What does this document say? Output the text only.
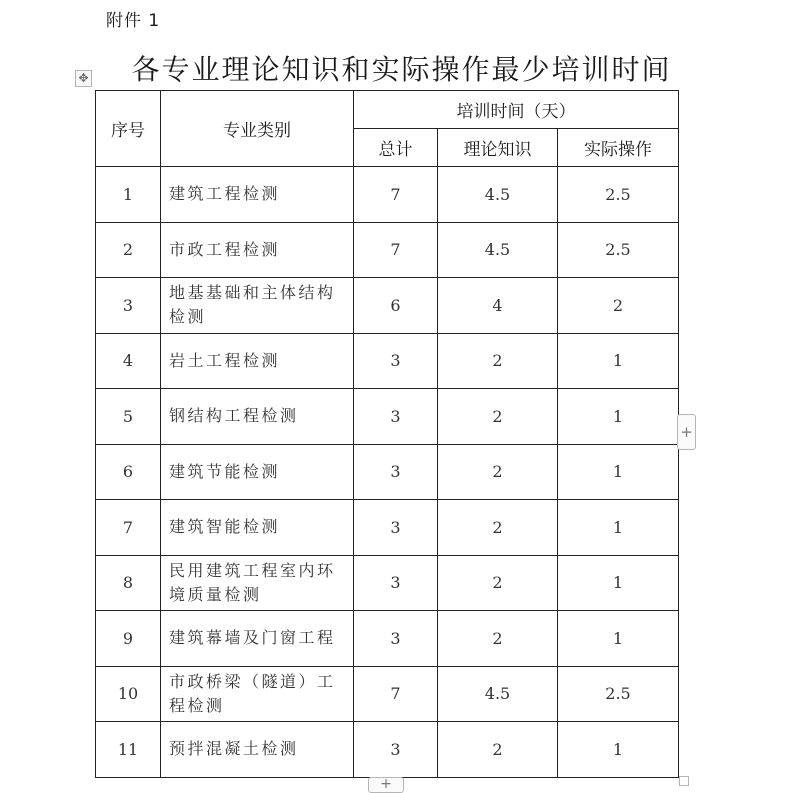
附件 1
各专业理论知识和实际操作最少培训时间
✥
序号	专业类别	培训时间（天）		
		总计	理论知识	实际操作
1	建筑工程检测	7	4.5	2.5
2	市政工程检测	7	4.5	2.5
3	地基基础和主体结构检测	6	4	2
4	岩土工程检测	3	2	1
5	钢结构工程检测	3	2	1
6	建筑节能检测	3	2	1
7	建筑智能检测	3	2	1
8	民用建筑工程室内环境质量检测	3	2	1
9	建筑幕墙及门窗工程	3	2	1
10	市政桥梁（隧道）工程检测	7	4.5	2.5
11	预拌混凝土检测	3	2	1
+
+
